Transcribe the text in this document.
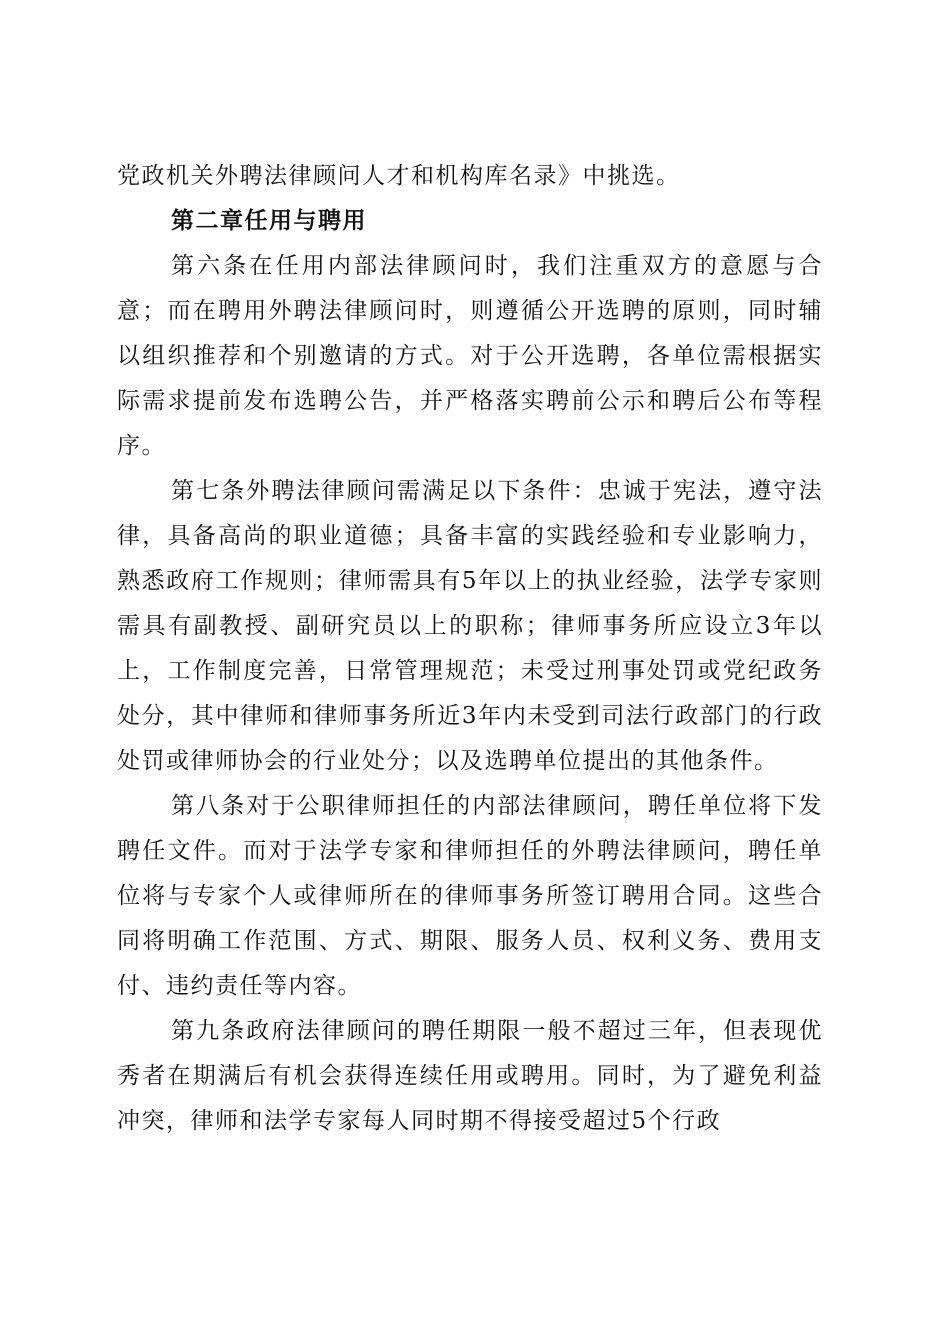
党政机关外聘法律顾问人才和机构库名录》中挑选。

第二章任用与聘用

第六条在任用内部法律顾问时，我们注重双方的意愿与合意；而在聘用外聘法律顾问时，则遵循公开选聘的原则，同时辅以组织推荐和个别邀请的方式。对于公开选聘，各单位需根据实际需求提前发布选聘公告，并严格落实聘前公示和聘后公布等程序。

第七条外聘法律顾问需满足以下条件：忠诚于宪法，遵守法律，具备高尚的职业道德；具备丰富的实践经验和专业影响力，熟悉政府工作规则；律师需具有5年以上的执业经验，法学专家则需具有副教授、副研究员以上的职称；律师事务所应设立3年以上，工作制度完善，日常管理规范；未受过刑事处罚或党纪政务处分，其中律师和律师事务所近3年内未受到司法行政部门的行政处罚或律师协会的行业处分；以及选聘单位提出的其他条件。

第八条对于公职律师担任的内部法律顾问，聘任单位将下发聘任文件。而对于法学专家和律师担任的外聘法律顾问，聘任单位将与专家个人或律师所在的律师事务所签订聘用合同。这些合同将明确工作范围、方式、期限、服务人员、权利义务、费用支付、违约责任等内容。

第九条政府法律顾问的聘任期限一般不超过三年，但表现优秀者在期满后有机会获得连续任用或聘用。同时，为了避免利益冲突，律师和法学专家每人同时期不得接受超过5个行政
